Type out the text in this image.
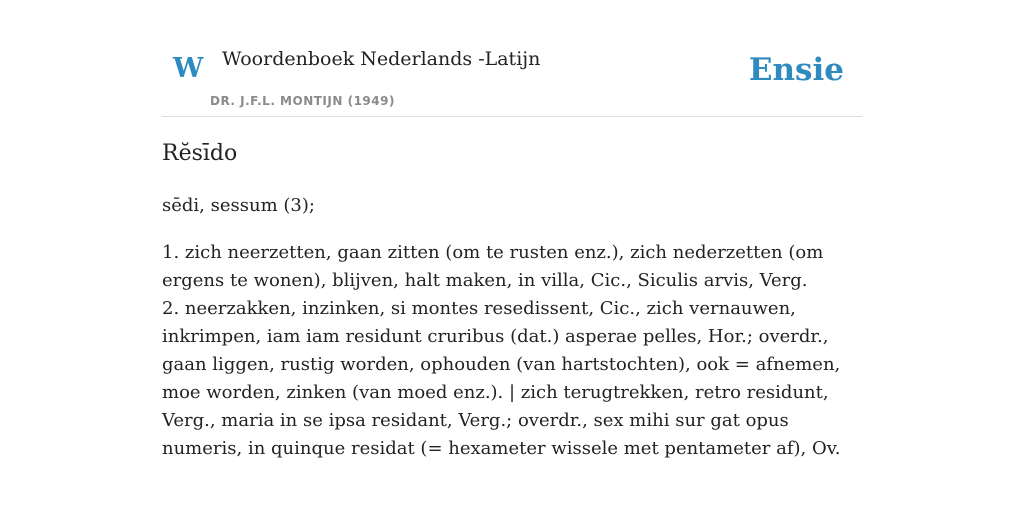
W Woordenboek Nederlands -Latijn
DR. J.F.L. MONTIJN (1949)
Ensie
Rĕsīdo

sēdi, sessum (3);

1. zich neerzetten, gaan zitten (om te rusten enz.), zich nederzetten (om ergens te wonen), blijven, halt maken, in villa, Cic., Siculis arvis, Verg.

2. neerzakken, inzinken, si montes resedissent, Cic., zich vernauwen, inkrimpen, iam iam residunt cruribus (dat.) asperae pelles, Hor.; overdr., gaan liggen, rustig worden, ophouden (van hartstochten), ook = afnemen, moe worden, zinken (van moed enz.). | zich terugtrekken, retro residunt, Verg., maria in se ipsa residant, Verg.; overdr., sex mihi sur gat opus numeris, in quinque residat (= hexameter wissele met pentameter af), Ov.
